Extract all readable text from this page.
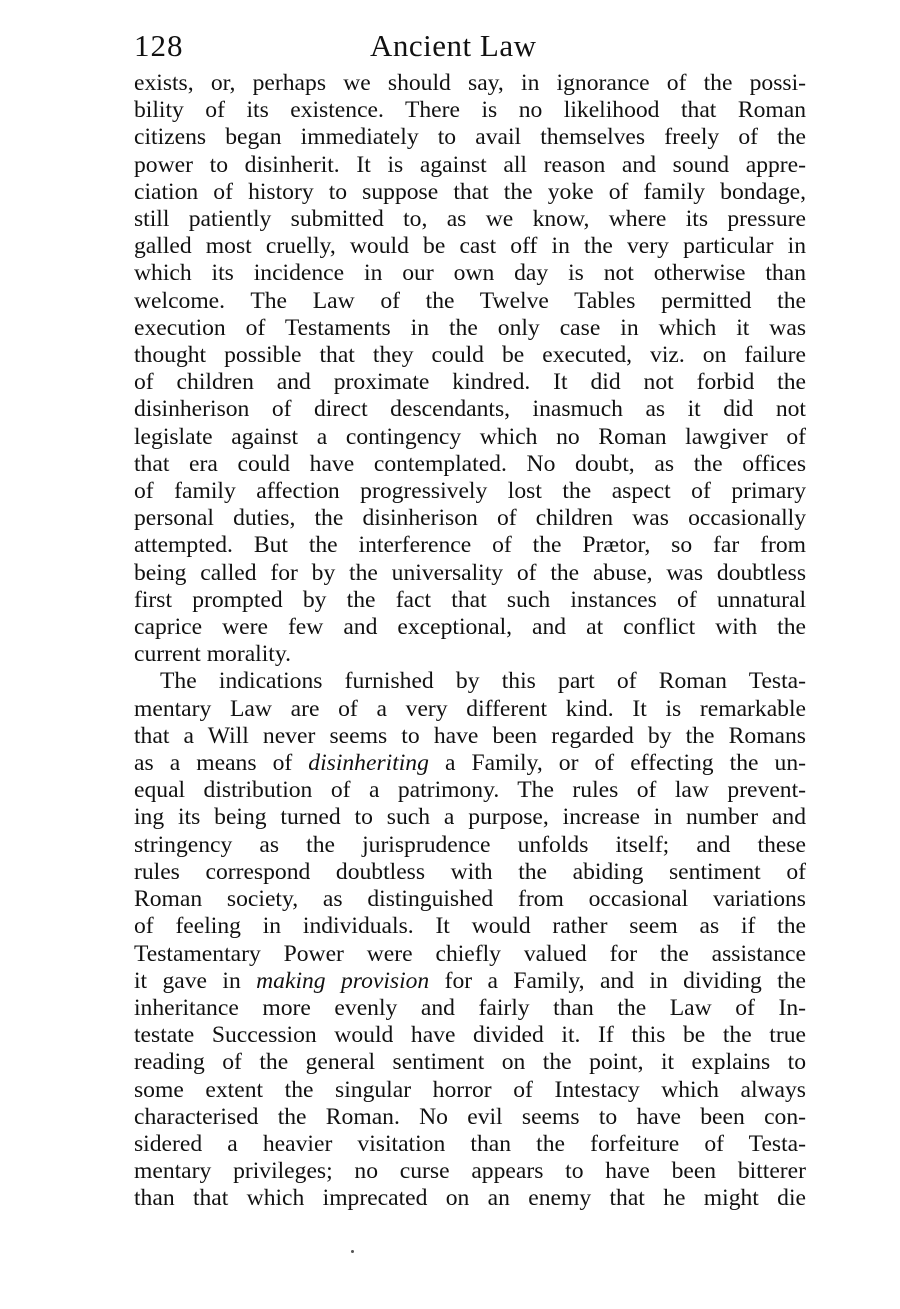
128	Ancient Law
exists, or, perhaps we should say, in ignorance of the possi-
bility of its existence. There is no likelihood that Roman
citizens began immediately to avail themselves freely of the
power to disinherit. It is against all reason and sound appre-
ciation of history to suppose that the yoke of family bondage,
still patiently submitted to, as we know, where its pressure
galled most cruelly, would be cast off in the very particular in
which its incidence in our own day is not otherwise than
welcome. The Law of the Twelve Tables permitted the
execution of Testaments in the only case in which it was
thought possible that they could be executed, viz. on failure
of children and proximate kindred. It did not forbid the
disinherison of direct descendants, inasmuch as it did not
legislate against a contingency which no Roman lawgiver of
that era could have contemplated. No doubt, as the offices
of family affection progressively lost the aspect of primary
personal duties, the disinherison of children was occasionally
attempted. But the interference of the Prætor, so far from
being called for by the universality of the abuse, was doubtless
first prompted by the fact that such instances of unnatural
caprice were few and exceptional, and at conflict with the
current morality.
The indications furnished by this part of Roman Testa-
mentary Law are of a very different kind. It is remarkable
that a Will never seems to have been regarded by the Romans
as a means of disinheriting a Family, or of effecting the un-
equal distribution of a patrimony. The rules of law prevent-
ing its being turned to such a purpose, increase in number and
stringency as the jurisprudence unfolds itself; and these
rules correspond doubtless with the abiding sentiment of
Roman society, as distinguished from occasional variations
of feeling in individuals. It would rather seem as if the
Testamentary Power were chiefly valued for the assistance
it gave in making provision for a Family, and in dividing the
inheritance more evenly and fairly than the Law of In-
testate Succession would have divided it. If this be the true
reading of the general sentiment on the point, it explains to
some extent the singular horror of Intestacy which always
characterised the Roman. No evil seems to have been con-
sidered a heavier visitation than the forfeiture of Testa-
mentary privileges; no curse appears to have been bitterer
than that which imprecated on an enemy that he might die
